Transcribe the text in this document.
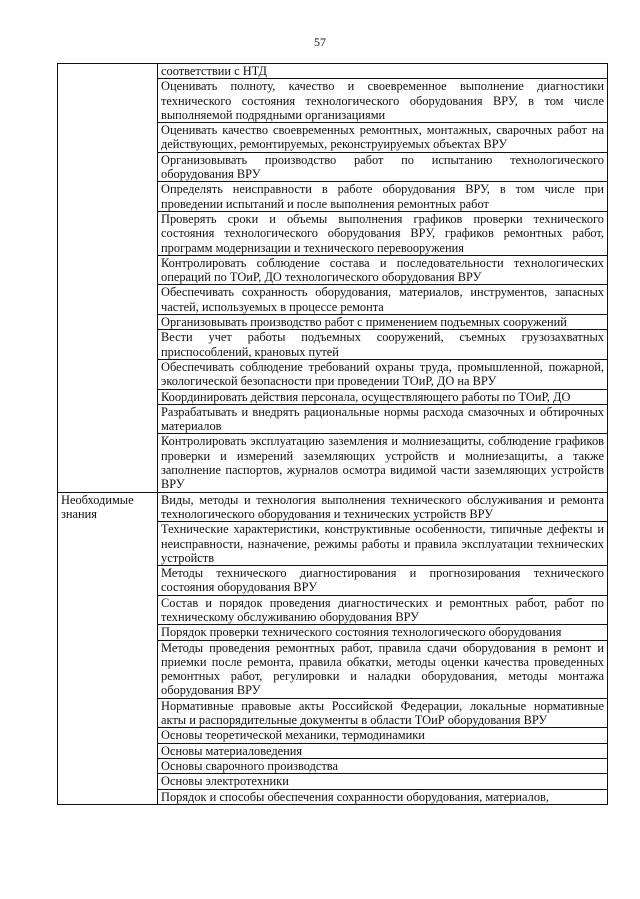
57
	соответствии с НТД
	Оценивать полноту, качество и своевременное выполнение диагностики технического состояния технологического оборудования ВРУ, в том числе выполняемой подрядными организациями
	Оценивать качество своевременных ремонтных, монтажных, сварочных работ на действующих, ремонтируемых, реконструируемых объектах ВРУ
	Организовывать производство работ по испытанию технологического оборудования ВРУ
	Определять неисправности в работе оборудования ВРУ, в том числе при проведении испытаний и после выполнения ремонтных работ
	Проверять сроки и объемы выполнения графиков проверки технического состояния технологического оборудования ВРУ, графиков ремонтных работ, программ модернизации и технического перевооружения
	Контролировать соблюдение состава и последовательности технологических операций по ТОиР, ДО технологического оборудования ВРУ
	Обеспечивать сохранность оборудования, материалов, инструментов, запасных частей, используемых в процессе ремонта
	Организовывать производство работ с применением подъемных сооружений
	Вести учет работы подъемных сооружений, съемных грузозахватных приспособлений, крановых путей
	Обеспечивать соблюдение требований охраны труда, промышленной, пожарной, экологической безопасности при проведении ТОиР, ДО на ВРУ
	Координировать действия персонала, осуществляющего работы по ТОиР, ДО
	Разрабатывать и внедрять рациональные нормы расхода смазочных и обтирочных материалов
	Контролировать эксплуатацию заземления и молниезащиты, соблюдение графиков проверки и измерений заземляющих устройств и молниезащиты, а также заполнение паспортов, журналов осмотра видимой части заземляющих устройств ВРУ
Необходимые знания	Виды, методы и технология выполнения технического обслуживания и ремонта технологического оборудования и технических устройств ВРУ
	Технические характеристики, конструктивные особенности, типичные дефекты и неисправности, назначение, режимы работы и правила эксплуатации технических устройств
	Методы технического диагностирования и прогнозирования технического состояния оборудования ВРУ
	Состав и порядок проведения диагностических и ремонтных работ, работ по техническому обслуживанию оборудования ВРУ
	Порядок проверки технического состояния технологического оборудования
	Методы проведения ремонтных работ, правила сдачи оборудования в ремонт и приемки после ремонта, правила обкатки, методы оценки качества проведенных ремонтных работ, регулировки и наладки оборудования, методы монтажа оборудования ВРУ
	Нормативные правовые акты Российской Федерации, локальные нормативные акты и распорядительные документы в области ТОиР оборудования ВРУ
	Основы теоретической механики, термодинамики
	Основы материаловедения
	Основы сварочного производства
	Основы электротехники
	Порядок и способы обеспечения сохранности оборудования, материалов,
